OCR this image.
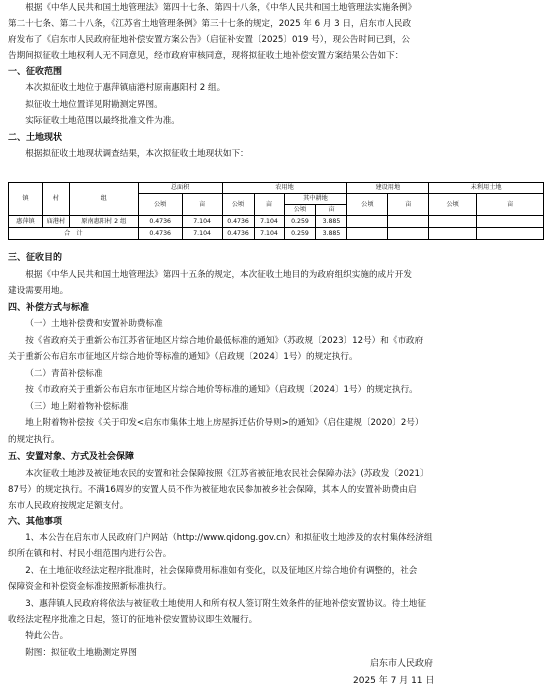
根据《中华人民共和国土地管理法》第四十七条、第四十八条，《中华人民共和国土地管理法实施条例》

第二十七条、第二十八条，《江苏省土地管理条例》第三十七条的规定，2025 年 6 月 3 日，启东市人民政

府发布了《启东市人民政府征地补偿安置方案公告》（启征补安置〔2025〕019 号），现公告时间已到，公

告期间拟征收土地权利人无不同意见，经市政府审核同意，现将拟征收土地补偿安置方案结果公告如下：

一、征收范围

本次拟征收土地位于惠萍镇庙港村原南惠阳村 2 组。

拟征收土地位置详见附勘测定界图。

实际征收土地范围以最终批准文件为准。

二、土地现状

根据拟征收土地现状调查结果，本次拟征收土地现状如下：

镇	村	组	总面积		农用地				建设用地		未利用土地	
			公顷	亩	公顷	亩	其中耕地		公顷	亩	公顷	亩
							公顷	亩				
惠萍镇	庙港村	原南惠阳村 2 组	0.4736	7.104	0.4736	7.104	0.259	3.885				
合　计			0.4736	7.104	0.4736	7.104	0.259	3.885				

三、征收目的

根据《中华人民共和国土地管理法》第四十五条的规定，本次征收土地目的为政府组织实施的成片开发

建设需要用地。

四、补偿方式与标准

（一）土地补偿费和安置补助费标准

按《省政府关于重新公布江苏省征地区片综合地价最低标准的通知》（苏政规〔2023〕12号）和《市政府

关于重新公布启东市征地区片综合地价等标准的通知》（启政规〔2024〕1号）的规定执行。

（二）青苗补偿标准

按《市政府关于重新公布启东市征地区片综合地价等标准的通知》（启政规〔2024〕1号）的规定执行。

（三）地上附着物补偿标准

地上附着物补偿按《关于印发<启东市集体土地上房屋拆迁估价导则>的通知》（启住建规〔2020〕2号）

的规定执行。

五、安置对象、方式及社会保障

本次征收土地涉及被征地农民的安置和社会保障按照《江苏省被征地农民社会保障办法》(苏政发〔2021〕

87号）的规定执行。不满16周岁的安置人员不作为被征地农民参加被乡社会保障，其本人的安置补助费由启

东市人民政府按规定足额支付。

六、其他事项

1、本公告在启东市人民政府门户网站（http://www.qidong.gov.cn）和拟征收土地涉及的农村集体经济组

织所在镇和村、村民小组范围内进行公告。

2、在土地征收经法定程序批准时，社会保障费用标准如有变化，以及征地区片综合地价有调整的，社会

保障资金和补偿资金标准按照新标准执行。

3、惠萍镇人民政府将依法与被征收土地使用人和所有权人签订附生效条件的征地补偿安置协议。待土地征

收经法定程序批准之日起，签订的征地补偿安置协议即生效履行。

特此公告。

附图：拟征收土地勘测定界图

启东市人民政府

2025 年 7 月 11 日
